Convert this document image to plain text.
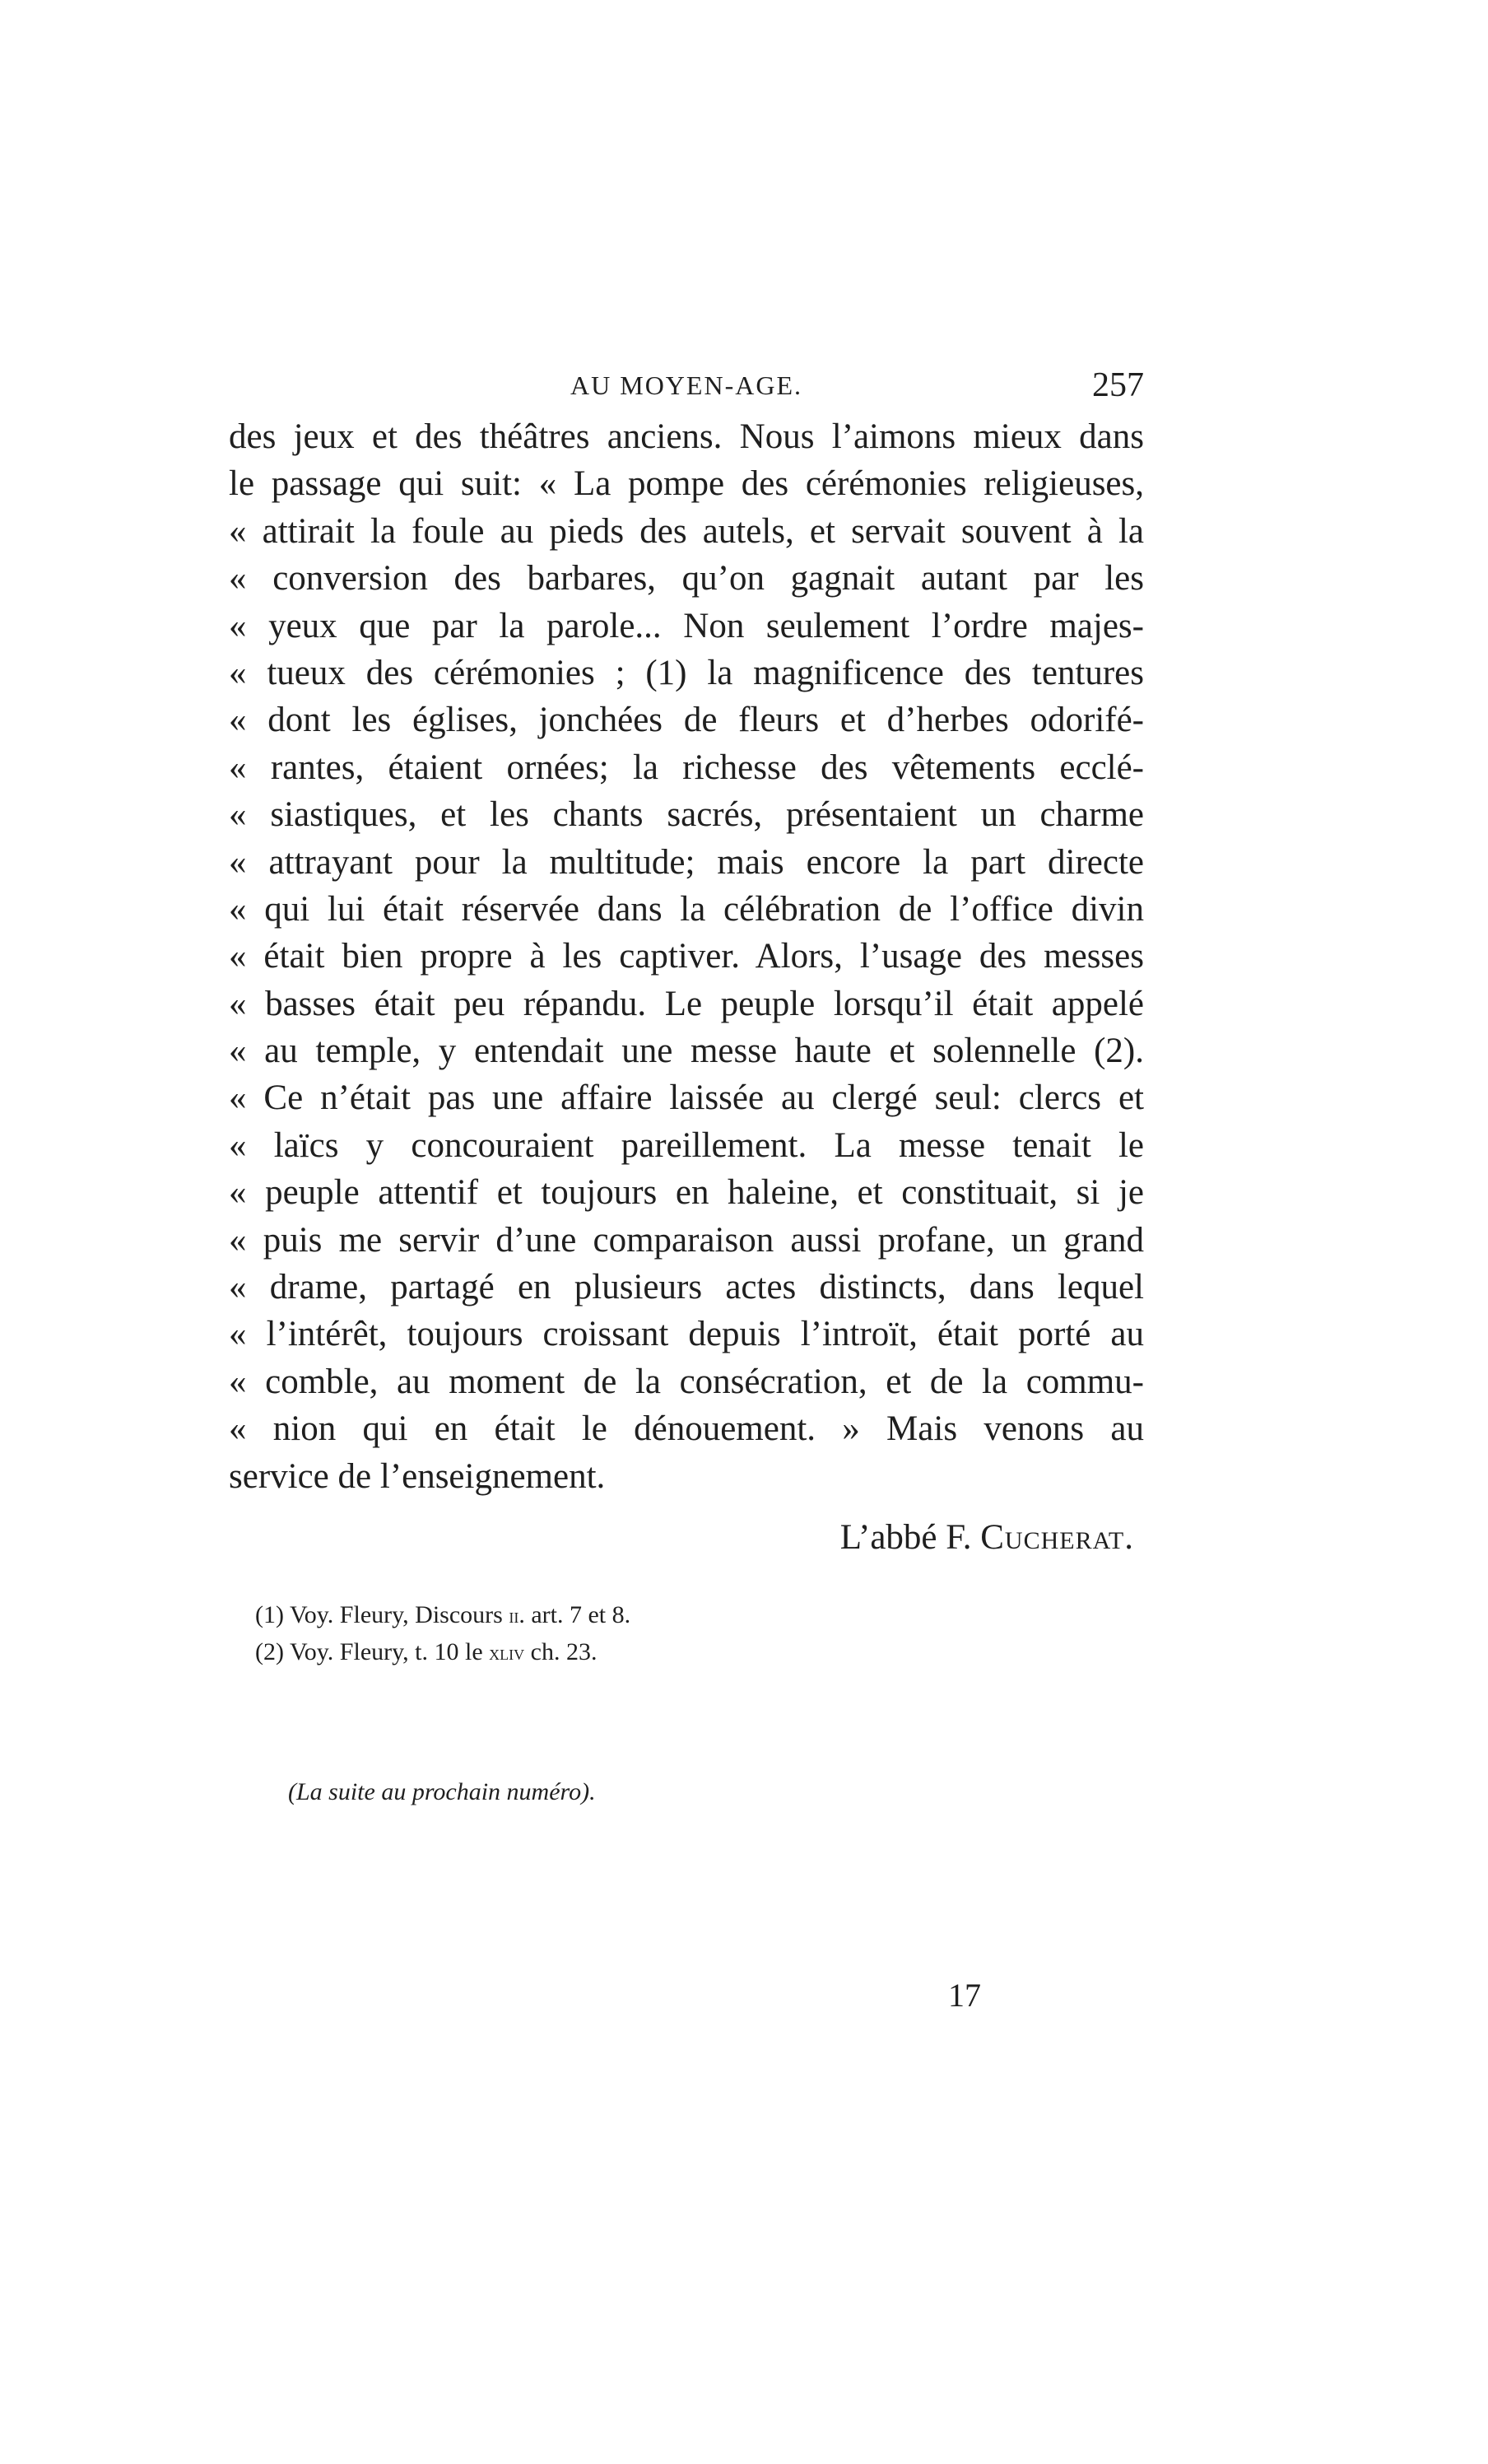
AU MOYEN-AGE.	257
des jeux et des théâtres anciens. Nous l’aimons mieux dans
le passage qui suit: « La pompe des cérémonies religieuses,
« attirait la foule au pieds des autels, et servait souvent à la
« conversion des barbares, qu’on gagnait autant par les
« yeux que par la parole... Non seulement l’ordre majes-
« tueux des cérémonies ; (1) la magnificence des tentures
« dont les églises, jonchées de fleurs et d’herbes odorifé-
« rantes, étaient ornées; la richesse des vêtements ecclé-
« siastiques, et les chants sacrés, présentaient un charme
« attrayant pour la multitude; mais encore la part directe
« qui lui était réservée dans la célébration de l’office divin
« était bien propre à les captiver. Alors, l’usage des messes
« basses était peu répandu. Le peuple lorsqu’il était appelé
« au temple, y entendait une messe haute et solennelle (2).
« Ce n’était pas une affaire laissée au clergé seul: clercs et
« laïcs y concouraient pareillement. La messe tenait le
« peuple attentif et toujours en haleine, et constituait, si je
« puis me servir d’une comparaison aussi profane, un grand
« drame, partagé en plusieurs actes distincts, dans lequel
« l’intérêt, toujours croissant depuis l’introït, était porté au
« comble, au moment de la consécration, et de la commu-
« nion qui en était le dénouement. » Mais venons au
service de l’enseignement.
L’abbé F. Cucherat.
(1) Voy. Fleury, Discours ii. art. 7 et 8.
(2) Voy. Fleury, t. 10 le xliv ch. 23.
(La suite au prochain numéro).
17
